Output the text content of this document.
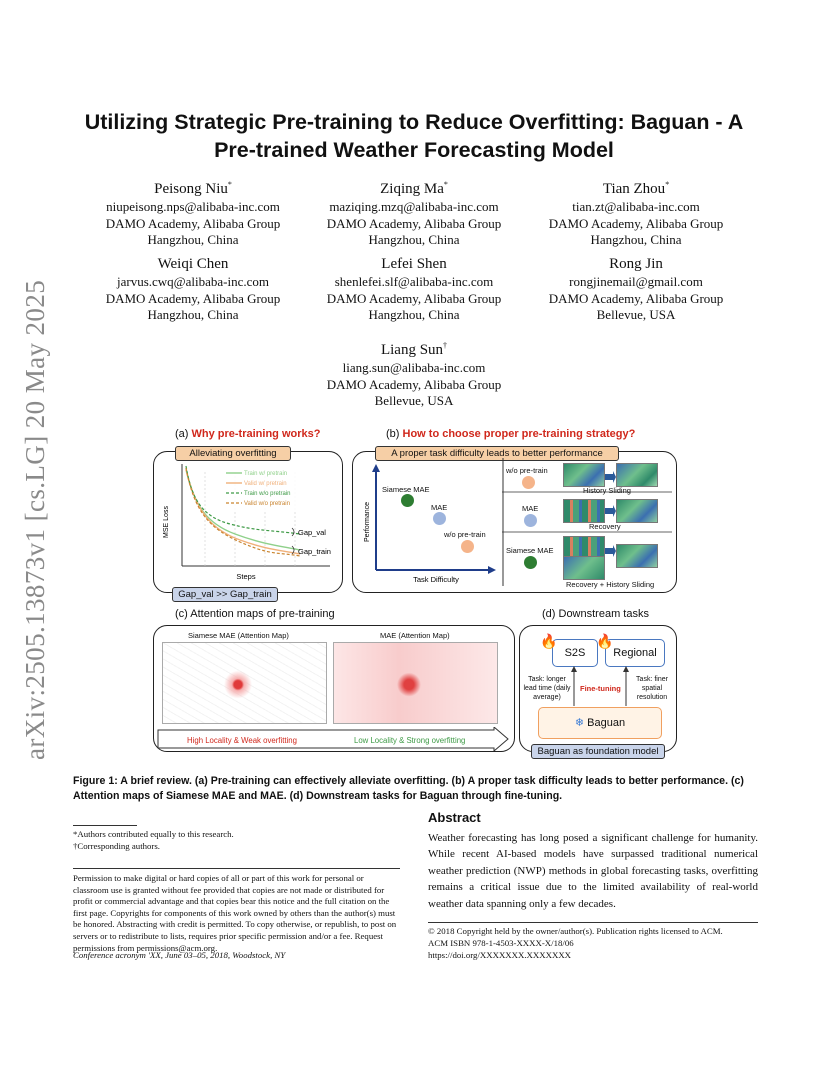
arXiv:2505.13873v1 [cs.LG] 20 May 2025
Utilizing Strategic Pre-training to Reduce Overfitting: Baguan - A
Pre-trained Weather Forecasting Model
Peisong Niu*
niupeisong.nps@alibaba-inc.com
DAMO Academy, Alibaba Group
Hangzhou, China
Ziqing Ma*
maziqing.mzq@alibaba-inc.com
DAMO Academy, Alibaba Group
Hangzhou, China
Tian Zhou*
tian.zt@alibaba-inc.com
DAMO Academy, Alibaba Group
Hangzhou, China
Weiqi Chen
jarvus.cwq@alibaba-inc.com
DAMO Academy, Alibaba Group
Hangzhou, China
Lefei Shen
shenlefei.slf@alibaba-inc.com
DAMO Academy, Alibaba Group
Hangzhou, China
Rong Jin
rongjinemail@gmail.com
DAMO Academy, Alibaba Group
Bellevue, USA
Liang Sun†
liang.sun@alibaba-inc.com
DAMO Academy, Alibaba Group
Bellevue, USA
(a) Why pre-training works?
Alleviating overfitting
Train w/ pretrain
Valid w/ pretrain
Train w/o pretrain
Valid w/o pretrain
Gap_val
Gap_train
MSE Loss
Steps
Gap_val >> Gap_train
(b) How to choose proper pre-training strategy?
A proper task difficulty leads to better performance
Performance
Task Difficulty
Siamese MAE
MAE
w/o pre-train
w/o pre-train
MAE
Siamese MAE
History Sliding
Recovery
Recovery + History Sliding
(c) Attention maps of pre-training
Siamese MAE (Attention Map)	MAE (Attention Map)
High Locality & Weak overfitting	Low Locality & Strong overfitting
(d) Downstream tasks
S2S	Regional
🔥	🔥
Task: longer lead time (daily average)
Fine-tuning
Task: finer spatial resolution
❄ Baguan
Baguan as foundation model
Figure 1: A brief review. (a) Pre-training can effectively alleviate overfitting. (b) A proper task difficulty leads to better performance. (c) Attention maps of Siamese MAE and MAE. (d) Downstream tasks for Baguan through fine-tuning.
*Authors contributed equally to this research.
†Corresponding authors.
Permission to make digital or hard copies of all or part of this work for personal or classroom use is granted without fee provided that copies are not made or distributed for profit or commercial advantage and that copies bear this notice and the full citation on the first page. Copyrights for components of this work owned by others than the author(s) must be honored. Abstracting with credit is permitted. To copy otherwise, or republish, to post on servers or to redistribute to lists, requires prior specific permission and/or a fee. Request permissions from permissions@acm.org.
Conference acronym 'XX, June 03–05, 2018, Woodstock, NY
Abstract
Weather forecasting has long posed a significant challenge for humanity. While recent AI-based models have surpassed traditional numerical weather prediction (NWP) methods in global forecasting tasks, overfitting remains a critical issue due to the limited availability of real-world weather data spanning only a few decades.
© 2018 Copyright held by the owner/author(s). Publication rights licensed to ACM.
ACM ISBN 978-1-4503-XXXX-X/18/06
https://doi.org/XXXXXXX.XXXXXXX
